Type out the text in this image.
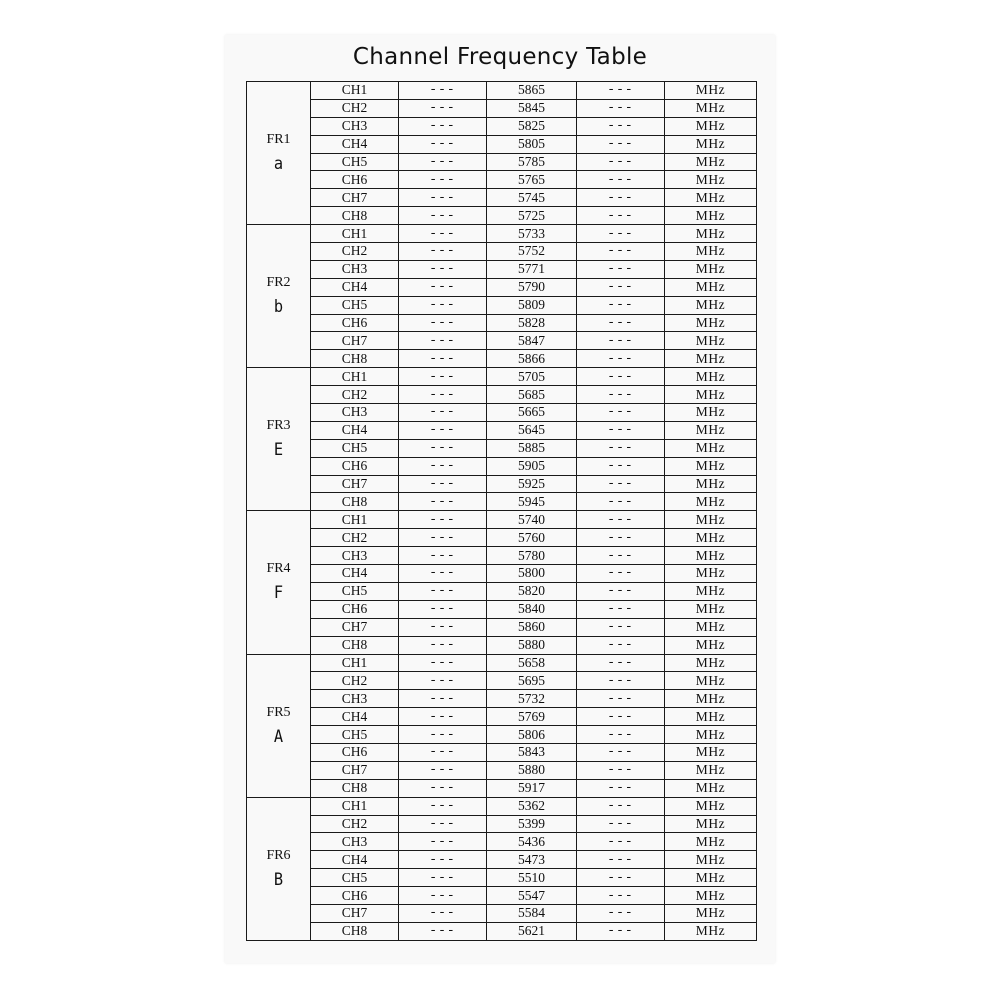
Channel Frequency Table
FR1
a	CH1	---	5865	---	MHz
	CH2	---	5845	---	MHz
	CH3	---	5825	---	MHz
	CH4	---	5805	---	MHz
	CH5	---	5785	---	MHz
	CH6	---	5765	---	MHz
	CH7	---	5745	---	MHz
	CH8	---	5725	---	MHz

FR2
b	CH1	---	5733	---	MHz
	CH2	---	5752	---	MHz
	CH3	---	5771	---	MHz
	CH4	---	5790	---	MHz
	CH5	---	5809	---	MHz
	CH6	---	5828	---	MHz
	CH7	---	5847	---	MHz
	CH8	---	5866	---	MHz

FR3
E	CH1	---	5705	---	MHz
	CH2	---	5685	---	MHz
	CH3	---	5665	---	MHz
	CH4	---	5645	---	MHz
	CH5	---	5885	---	MHz
	CH6	---	5905	---	MHz
	CH7	---	5925	---	MHz
	CH8	---	5945	---	MHz

FR4
F	CH1	---	5740	---	MHz
	CH2	---	5760	---	MHz
	CH3	---	5780	---	MHz
	CH4	---	5800	---	MHz
	CH5	---	5820	---	MHz
	CH6	---	5840	---	MHz
	CH7	---	5860	---	MHz
	CH8	---	5880	---	MHz

FR5
A	CH1	---	5658	---	MHz
	CH2	---	5695	---	MHz
	CH3	---	5732	---	MHz
	CH4	---	5769	---	MHz
	CH5	---	5806	---	MHz
	CH6	---	5843	---	MHz
	CH7	---	5880	---	MHz
	CH8	---	5917	---	MHz

FR6
B	CH1	---	5362	---	MHz
	CH2	---	5399	---	MHz
	CH3	---	5436	---	MHz
	CH4	---	5473	---	MHz
	CH5	---	5510	---	MHz
	CH6	---	5547	---	MHz
	CH7	---	5584	---	MHz
	CH8	---	5621	---	MHz
